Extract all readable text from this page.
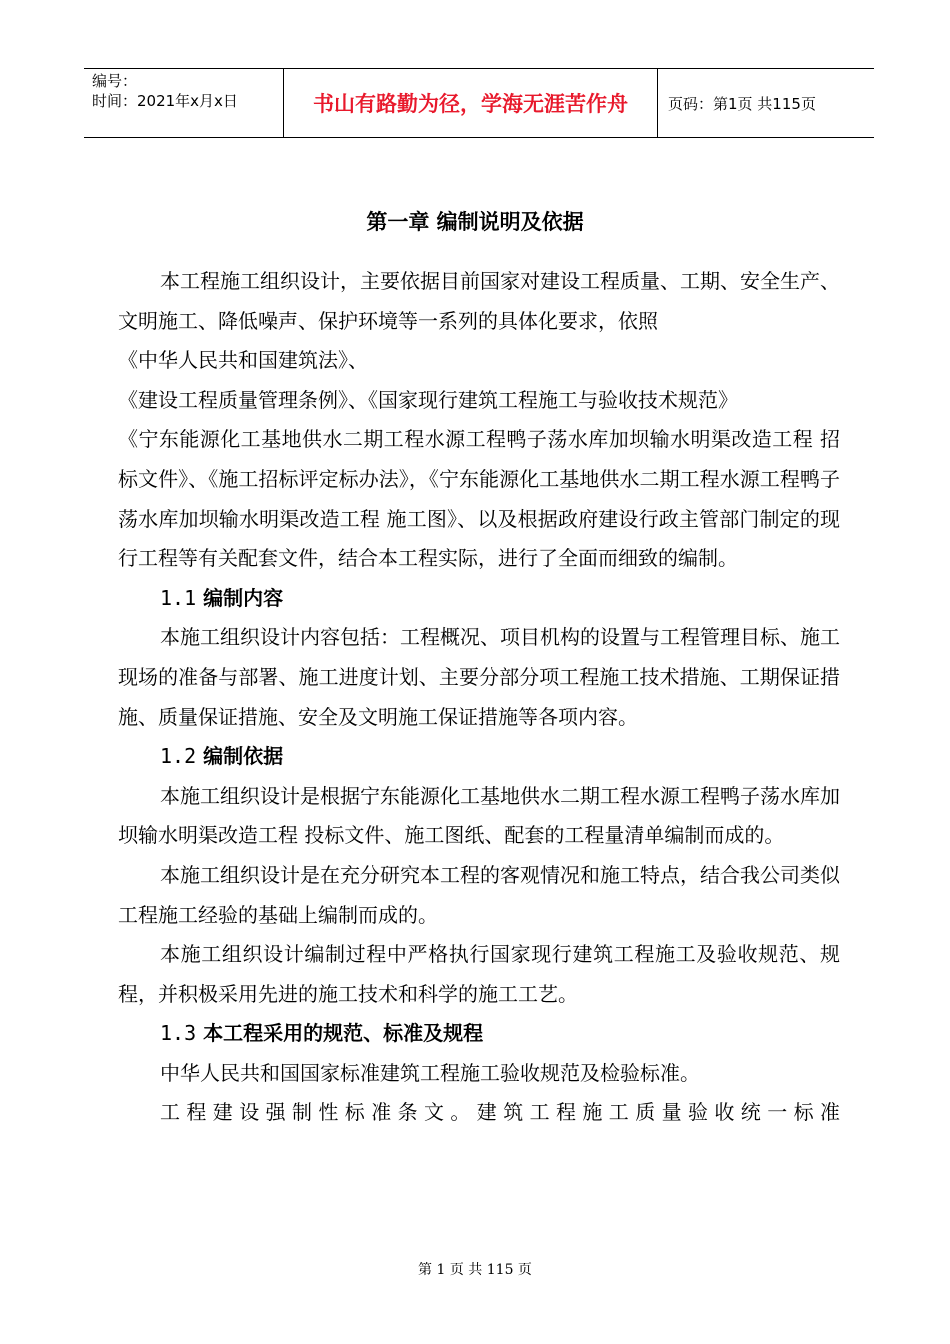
编号：
时间：2021年x月x日	书山有路勤为径，学海无涯苦作舟	页码：第1页 共115页
第一章 编制说明及依据

本工程施工组织设计，主要依据目前国家对建设工程质量、工期、安全生产、文明施工、降低噪声、保护环境等一系列的具体化要求，依照

《中华人民共和国建筑法》、

《建设工程质量管理条例》、《国家现行建筑工程施工与验收技术规范》

《宁东能源化工基地供水二期工程水源工程鸭子荡水库加坝输水明渠改造工程 招标文件》、《施工招标评定标办法》，《宁东能源化工基地供水二期工程水源工程鸭子荡水库加坝输水明渠改造工程 施工图》、以及根据政府建设行政主管部门制定的现行工程等有关配套文件，结合本工程实际，进行了全面而细致的编制。

1.1 编制内容

本施工组织设计内容包括：工程概况、项目机构的设置与工程管理目标、施工现场的准备与部署、施工进度计划、主要分部分项工程施工技术措施、工期保证措施、质量保证措施、安全及文明施工保证措施等各项内容。

1.2 编制依据

本施工组织设计是根据宁东能源化工基地供水二期工程水源工程鸭子荡水库加坝输水明渠改造工程 投标文件、施工图纸、配套的工程量清单编制而成的。

本施工组织设计是在充分研究本工程的客观情况和施工特点，结合我公司类似工程施工经验的基础上编制而成的。

本施工组织设计编制过程中严格执行国家现行建筑工程施工及验收规范、规程，并积极采用先进的施工技术和科学的施工工艺。

1.3 本工程采用的规范、标准及规程

中华人民共和国国家标准建筑工程施工验收规范及检验标准。

工程建设强制性标准条文。建筑工程施工质量验收统一标准

第 1 页 共 115 页
